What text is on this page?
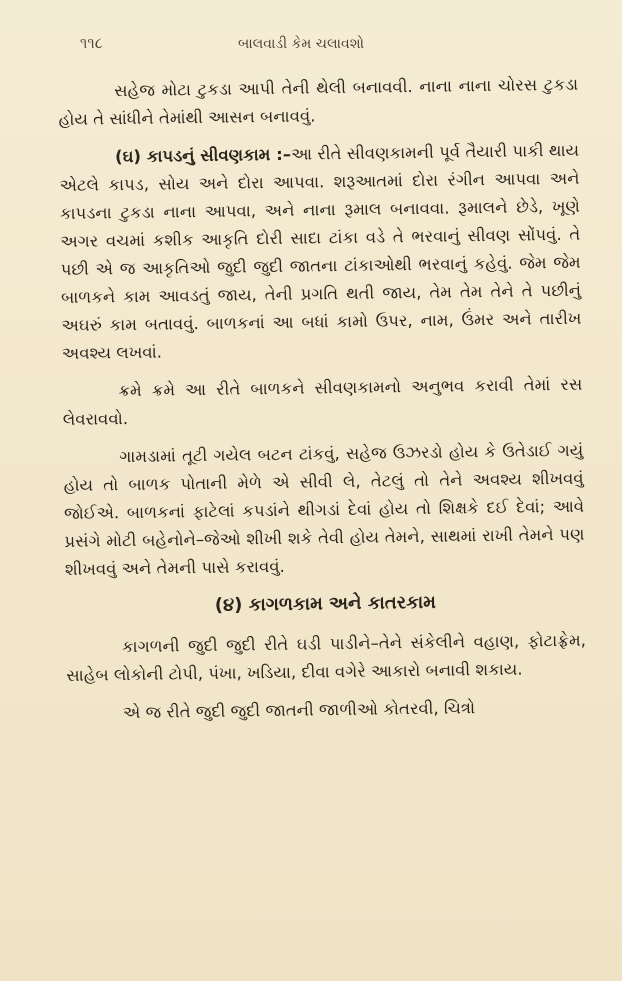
૧૧૮	બાલવાડી કેમ ચલાવશો

સહેજ મોટા ટુકડા આપી તેની થેલી બનાવવી. નાના નાના ચોરસ ટુકડા હોય તે સાંધીને તેમાંથી આસન બનાવવું.

(ઘ) કાપડનું સીવણકામ :–આ રીતે સીવણકામની પૂર્વ તૈયારી પાકી થાય એટલે કાપડ, સોય અને દોરા આપવા. શરૂઆતમાં દોરા રંગીન આપવા અને કાપડના ટુકડા નાના આપવા, અને નાના રૂમાલ બનાવવા. રૂમાલને છેડે, ખૂણે અગર વચમાં કશીક આકૃતિ દોરી સાદા ટાંકા વડે તે ભરવાનું સીવણ સોંપવું. તે પછી એ જ આકૃતિઓ જુદી જુદી જાતના ટાંકાઓથી ભરવાનું કહેવું. જેમ જેમ બાળકને કામ આવડતું જાય, તેની પ્રગતિ થતી જાય, તેમ તેમ તેને તે પછીનું અઘરું કામ બતાવવું. બાળકનાં આ બધાં કામો ઉપર, નામ, ઉંમર અને તારીખ અવશ્ય લખવાં.

ક્રમે ક્રમે આ રીતે બાળકને સીવણકામનો અનુભવ કરાવી તેમાં રસ લેવરાવવો.

ગામડામાં તૂટી ગયેલ બટન ટાંકવું, સહેજ ઉઝરડો હોય કે ઉતેડાઈ ગયું હોય તો બાળક પોતાની મેળે એ સીવી લે, તેટલું તો તેને અવશ્ય શીખવવું જોઈએ. બાળકનાં ફાટેલાં કપડાંને થીગડાં દેવાં હોય તો શિક્ષકે દઈ દેવાં; આવે પ્રસંગે મોટી બહેનોને–જેઓ શીખી શકે તેવી હોય તેમને, સાથમાં રાખી તેમને પણ શીખવવું અને તેમની પાસે કરાવવું.

(૪) કાગળકામ અને કાતરકામ

કાગળની જુદી જુદી રીતે ઘડી પાડીને–તેને સંકેલીને વહાણ, ફોટાફ્રેમ, સાહેબ લોકોની ટોપી, પંખા, ખડિયા, દીવા વગેરે આકારો બનાવી શકાય.

એ જ રીતે જુદી જુદી જાતની જાળીઓ કોતરવી, ચિત્રો
